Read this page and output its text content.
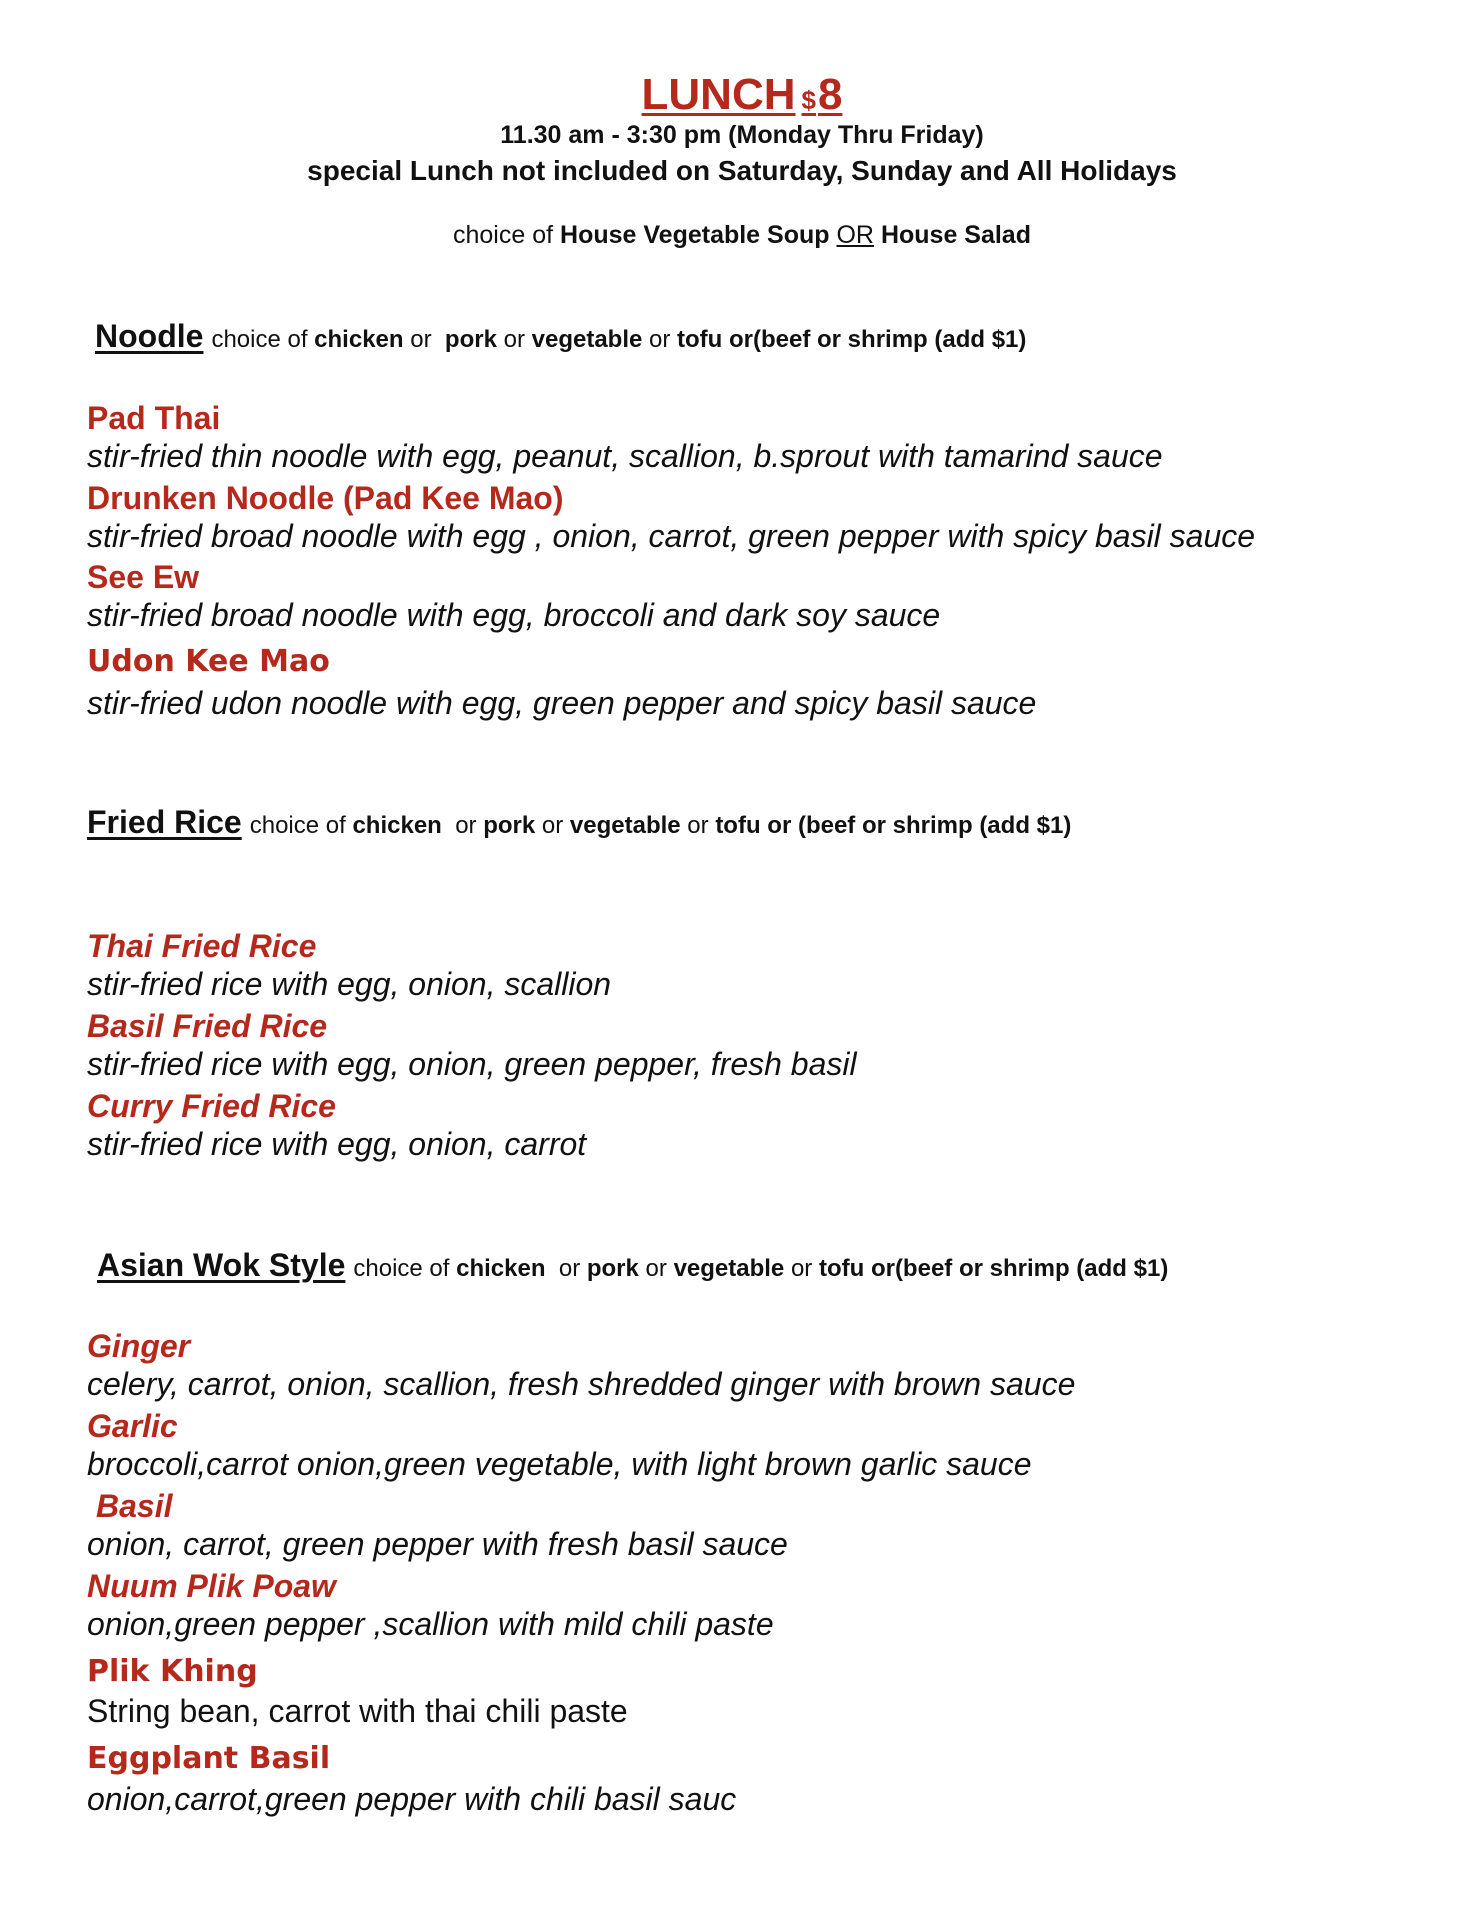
LUNCH $8
11.30 am - 3:30 pm (Monday Thru Friday)
special Lunch not included on Saturday, Sunday and All Holidays
choice of House Vegetable Soup OR House Salad
Noodle choice of chicken or pork or vegetable or tofu or(beef or shrimp (add $1)
Pad Thai
stir-fried thin noodle with egg, peanut, scallion, b.sprout with tamarind sauce
Drunken Noodle (Pad Kee Mao)
stir-fried broad noodle with egg , onion, carrot, green pepper with spicy basil sauce
See Ew
stir-fried broad noodle with egg, broccoli and dark soy sauce
Udon Kee Mao
stir-fried udon noodle with egg, green pepper and spicy basil sauce
Fried Rice choice of chicken or pork or vegetable or tofu or (beef or shrimp (add $1)
Thai Fried Rice
stir-fried rice with egg, onion, scallion
Basil Fried Rice
stir-fried rice with egg, onion, green pepper, fresh basil
Curry Fried Rice
stir-fried rice with egg, onion, carrot
Asian Wok Style choice of chicken or pork or vegetable or tofu or(beef or shrimp (add $1)
Ginger
celery, carrot, onion, scallion, fresh shredded ginger with brown sauce
Garlic
broccoli,carrot onion,green vegetable, with light brown garlic sauce
Basil
onion, carrot, green pepper with fresh basil sauce
Nuum Plik Poaw
onion,green pepper ,scallion with mild chili paste
Plik Khing
String bean, carrot with thai chili paste
Eggplant Basil
onion,carrot,green pepper with chili basil sauc
